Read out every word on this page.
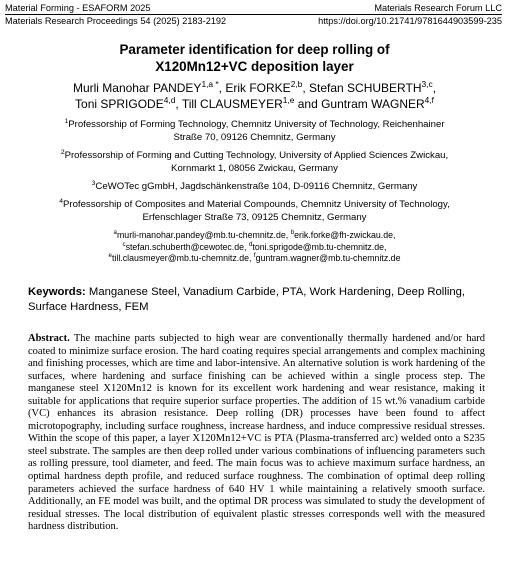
Material Forming - ESAFORM 2025	Materials Research Forum LLC
Materials Research Proceedings 54 (2025) 2183-2192	https://doi.org/10.21741/9781644903599-235
Parameter identification for deep rolling of
X120Mn12+VC deposition layer
Murli Manohar $PANDEY^{1,a *}$, Erik FORKE$^{2,b}$, Stefan SCHUBERTH$^{3,c}$,
Toni SPRIGODE$^{4,d}$, Till CLAUSMEYER$^{1,e}$ and Guntram WAGNER$^{4,f}$
$^1$Professorship of Forming Technology, Chemnitz University of Technology, Reichenhainer
Straße 70, 09126 Chemnitz, Germany
$^2$Professorship of Forming and Cutting Technology, University of Applied Sciences Zwickau,
Kornmarkt 1, 08056 Zwickau, Germany
$^3$CeWOTec gGmbH, Jagdschänkenstraße 104, D-09116 Chemnitz, Germany
$^4$Professorship of Composites and Material Compounds, Chemnitz University of Technology,
Erfenschlager Straße 73, 09125 Chemnitz, Germany
$^a$murli-manohar.pandey@mb.tu-chemnitz.de, $^b$erik.forke@fh-zwickau.de,
$^c$stefan.schuberth@cewotec.de, $^d$toni.sprigode@mb.tu-chemnitz.de,
$^e$till.clausmeyer@mb.tu-chemnitz.de, $^f$guntram.wagner@mb.tu-chemnitz.de
Keywords: Manganese Steel, Vanadium Carbide, PTA, Work Hardening, Deep Rolling, Surface Hardness, FEM
Abstract. The machine parts subjected to high wear are conventionally thermally hardened and/or hard coated to minimize surface erosion. The hard coating requires special arrangements and complex machining and finishing processes, which are time and labor-intensive. An alternative solution is work hardening of the surfaces, where hardening and surface finishing can be achieved within a single process step. The manganese steel X120Mn12 is known for its excellent work hardening and wear resistance, making it suitable for applications that require superior surface properties. The addition of 15 wt.% vanadium carbide (VC) enhances its abrasion resistance. Deep rolling (DR) processes have been found to affect microtopography, including surface roughness, increase hardness, and induce compressive residual stresses. Within the scope of this paper, a layer X120Mn12+VC is PTA (Plasma-transferred arc) welded onto a S235 steel substrate. The samples are then deep rolled under various combinations of influencing parameters such as rolling pressure, tool diameter, and feed. The main focus was to achieve maximum surface hardness, an optimal hardness depth profile, and reduced surface roughness. The combination of optimal deep rolling parameters achieved the surface hardness of 640 HV 1 while maintaining a relatively smooth surface. Additionally, an FE model was built, and the optimal DR process was simulated to study the development of residual stresses. The local distribution of equivalent plastic stresses corresponds well with the measured hardness distribution.
